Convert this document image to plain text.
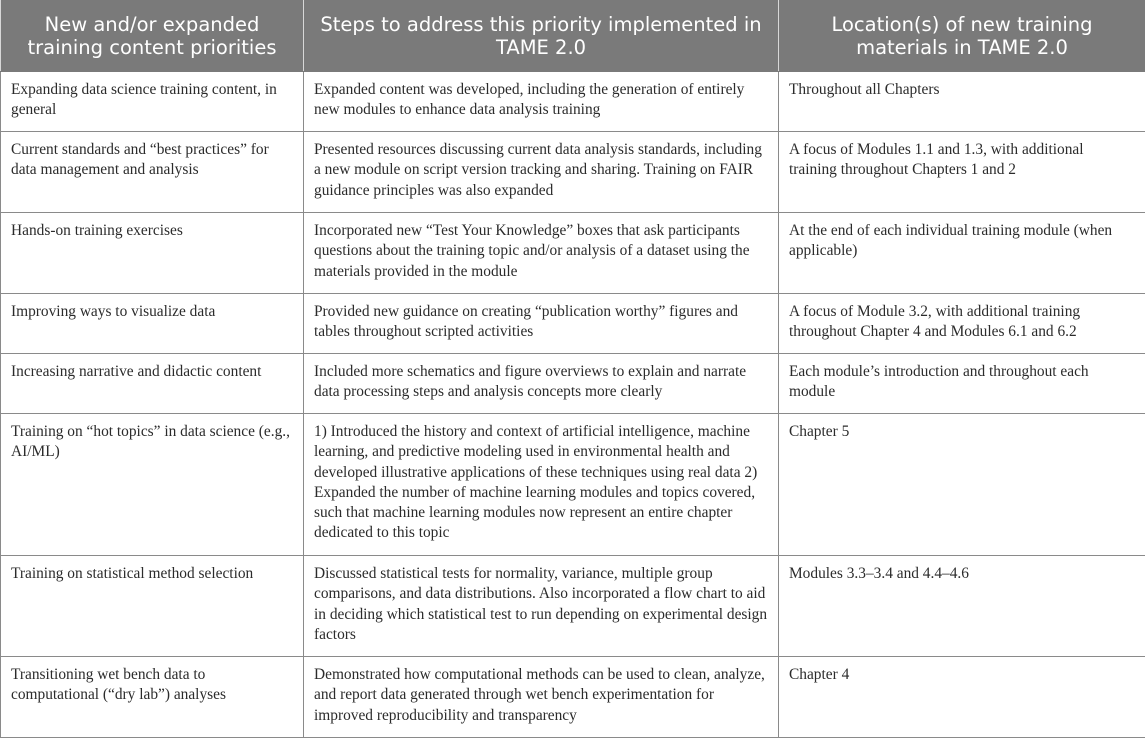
New and/or expanded training content priorities	Steps to address this priority implemented in TAME 2.0	Location(s) of new training materials in TAME 2.0
Expanding data science training content, in general	Expanded content was developed, including the generation of entirely new modules to enhance data analysis training	Throughout all Chapters
Current standards and “best practices” for data management and analysis	Presented resources discussing current data analysis standards, including a new module on script version tracking and sharing. Training on FAIR guidance principles was also expanded	A focus of Modules 1.1 and 1.3, with additional training throughout Chapters 1 and 2
Hands-on training exercises	Incorporated new “Test Your Knowledge” boxes that ask participants questions about the training topic and/or analysis of a dataset using the materials provided in the module	At the end of each individual training module (when applicable)
Improving ways to visualize data	Provided new guidance on creating “publication worthy” figures and tables throughout scripted activities	A focus of Module 3.2, with additional training throughout Chapter 4 and Modules 6.1 and 6.2
Increasing narrative and didactic content	Included more schematics and figure overviews to explain and narrate data processing steps and analysis concepts more clearly	Each module’s introduction and throughout each module
Training on “hot topics” in data science (e.g., AI/ML)	1) Introduced the history and context of artificial intelligence, machine learning, and predictive modeling used in environmental health and developed illustrative applications of these techniques using real data 2) Expanded the number of machine learning modules and topics covered, such that machine learning modules now represent an entire chapter dedicated to this topic	Chapter 5
Training on statistical method selection	Discussed statistical tests for normality, variance, multiple group comparisons, and data distributions. Also incorporated a flow chart to aid in deciding which statistical test to run depending on experimental design factors	Modules 3.3–3.4 and 4.4–4.6
Transitioning wet bench data to computational (“dry lab”) analyses	Demonstrated how computational methods can be used to clean, analyze, and report data generated through wet bench experimentation for improved reproducibility and transparency	Chapter 4
